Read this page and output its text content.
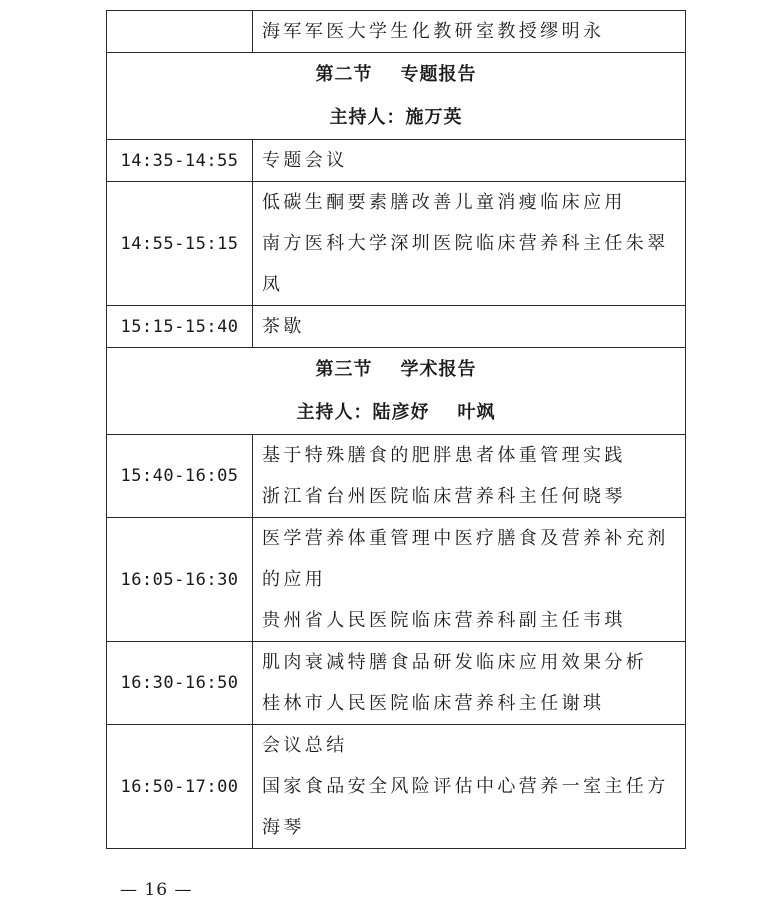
	海军军医大学生化教研室教授缪明永

第二节 专题报告
主持人：施万英	

14:35-14:55	专题会议

14:55-15:15	低碳生酮要素膳改善儿童消瘦临床应用
南方医科大学深圳医院临床营养科主任朱翠
凤

15:15-15:40	茶歇

第三节 学术报告
主持人：陆彦妤 叶飒	

15:40-16:05	基于特殊膳食的肥胖患者体重管理实践
浙江省台州医院临床营养科主任何晓琴

16:05-16:30	医学营养体重管理中医疗膳食及营养补充剂
的应用
贵州省人民医院临床营养科副主任韦琪

16:30-16:50	肌肉衰减特膳食品研发临床应用效果分析
桂林市人民医院临床营养科主任谢琪

16:50-17:00	会议总结
国家食品安全风险评估中心营养一室主任方
海琴
— 16 —
